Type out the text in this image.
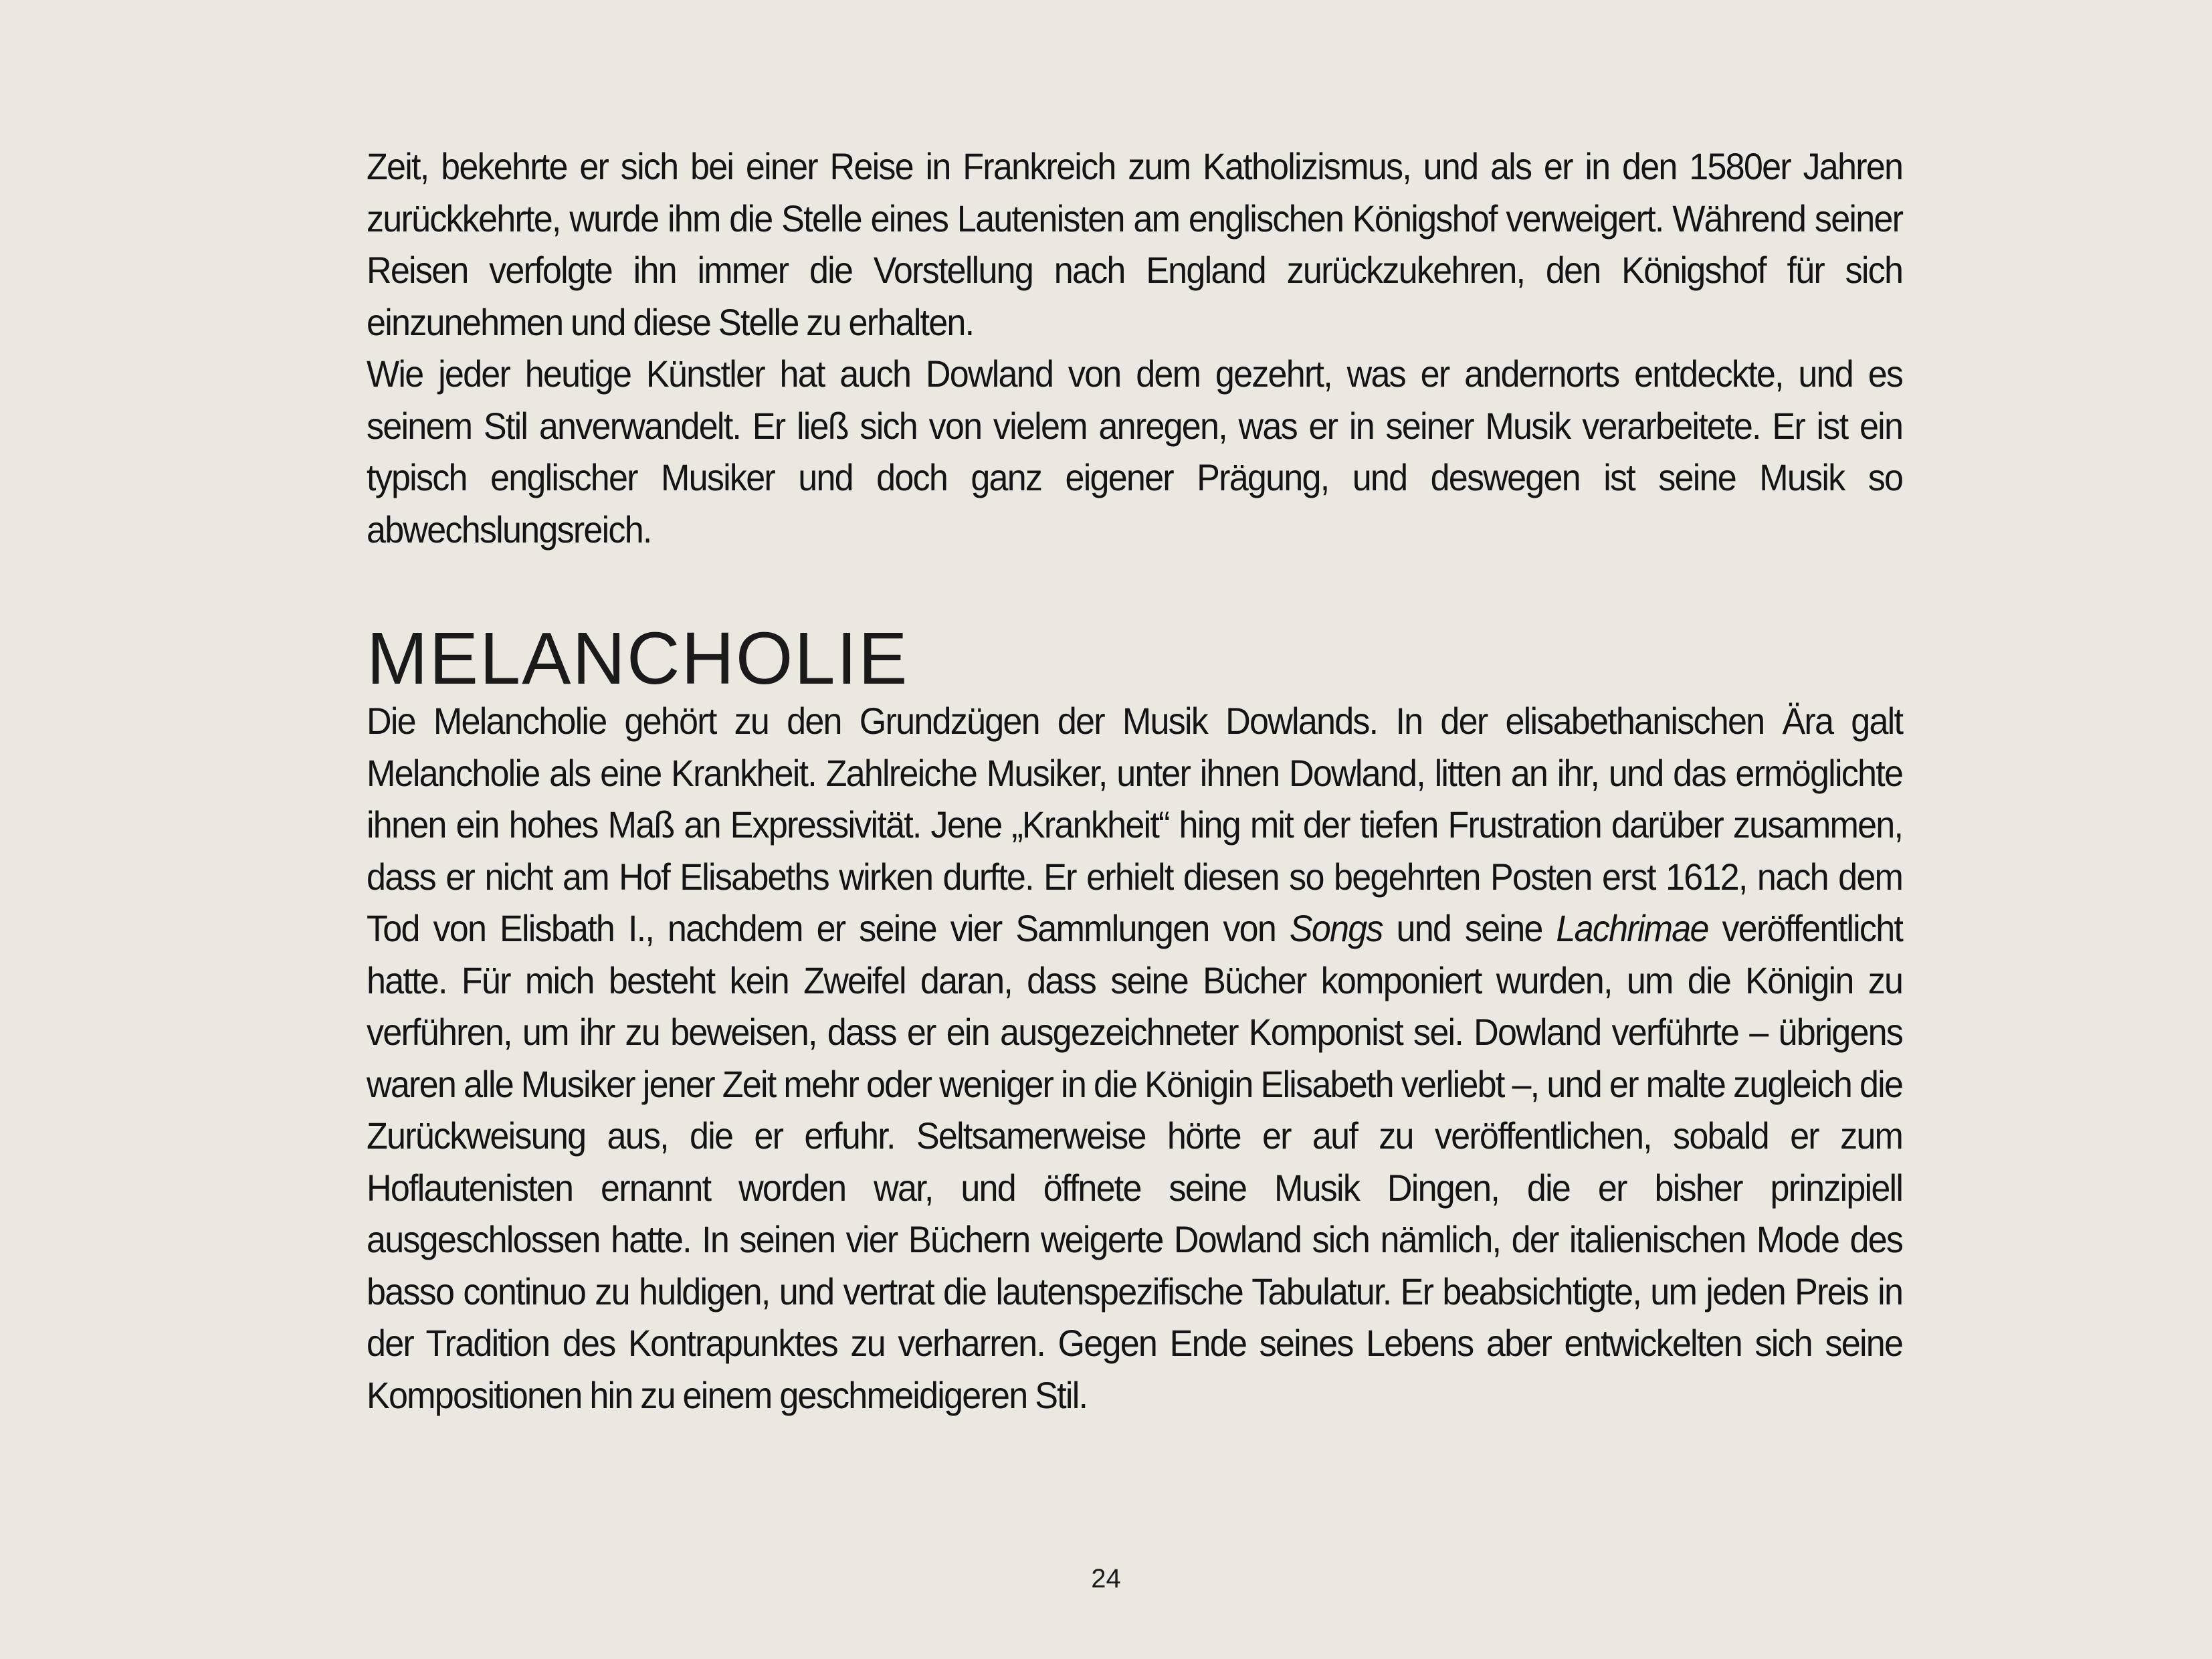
Zeit, bekehrte er sich bei einer Reise in Frankreich zum Katholizismus, und als er in den 1580er Jahren zurückkehrte, wurde ihm die Stelle eines Lautenisten am englischen Königshof verweigert. Während seiner Reisen verfolgte ihn immer die Vorstellung nach England zurückzukehren, den Königshof für sich einzunehmen und diese Stelle zu erhalten.

Wie jeder heutige Künstler hat auch Dowland von dem gezehrt, was er andernorts entdeckte, und es seinem Stil anverwandelt. Er ließ sich von vielem anregen, was er in seiner Musik verarbeitete. Er ist ein typisch englischer Musiker und doch ganz eigener Prägung, und deswegen ist seine Musik so abwechslungsreich.

MELANCHOLIE

Die Melancholie gehört zu den Grundzügen der Musik Dowlands. In der elisabethanischen Ära galt Melancholie als eine Krankheit. Zahlreiche Musiker, unter ihnen Dowland, litten an ihr, und das ermöglichte ihnen ein hohes Maß an Expressivität. Jene „Krankheit“ hing mit der tiefen Frustration darüber zusammen, dass er nicht am Hof Elisabeths wirken durfte. Er erhielt diesen so begehrten Posten erst 1612, nach dem Tod von Elisbath I., nachdem er seine vier Sammlungen von Songs und seine Lachrimae veröffentlicht hatte. Für mich besteht kein Zweifel daran, dass seine Bücher komponiert wurden, um die Königin zu verführen, um ihr zu beweisen, dass er ein ausgezeichneter Komponist sei. Dowland verführte – übrigens waren alle Musiker jener Zeit mehr oder weniger in die Königin Elisabeth verliebt –, und er malte zugleich die Zurückweisung aus, die er erfuhr. Seltsamerweise hörte er auf zu veröffentlichen, sobald er zum Hoflautenisten ernannt worden war, und öffnete seine Musik Dingen, die er bisher prinzipiell ausgeschlossen hatte. In seinen vier Büchern weigerte Dowland sich nämlich, der italienischen Mode des basso continuo zu huldigen, und vertrat die lautenspezifische Tabulatur. Er beabsichtigte, um jeden Preis in der Tradition des Kontrapunktes zu verharren. Gegen Ende seines Lebens aber entwickelten sich seine Kompositionen hin zu einem geschmeidigeren Stil.

24
